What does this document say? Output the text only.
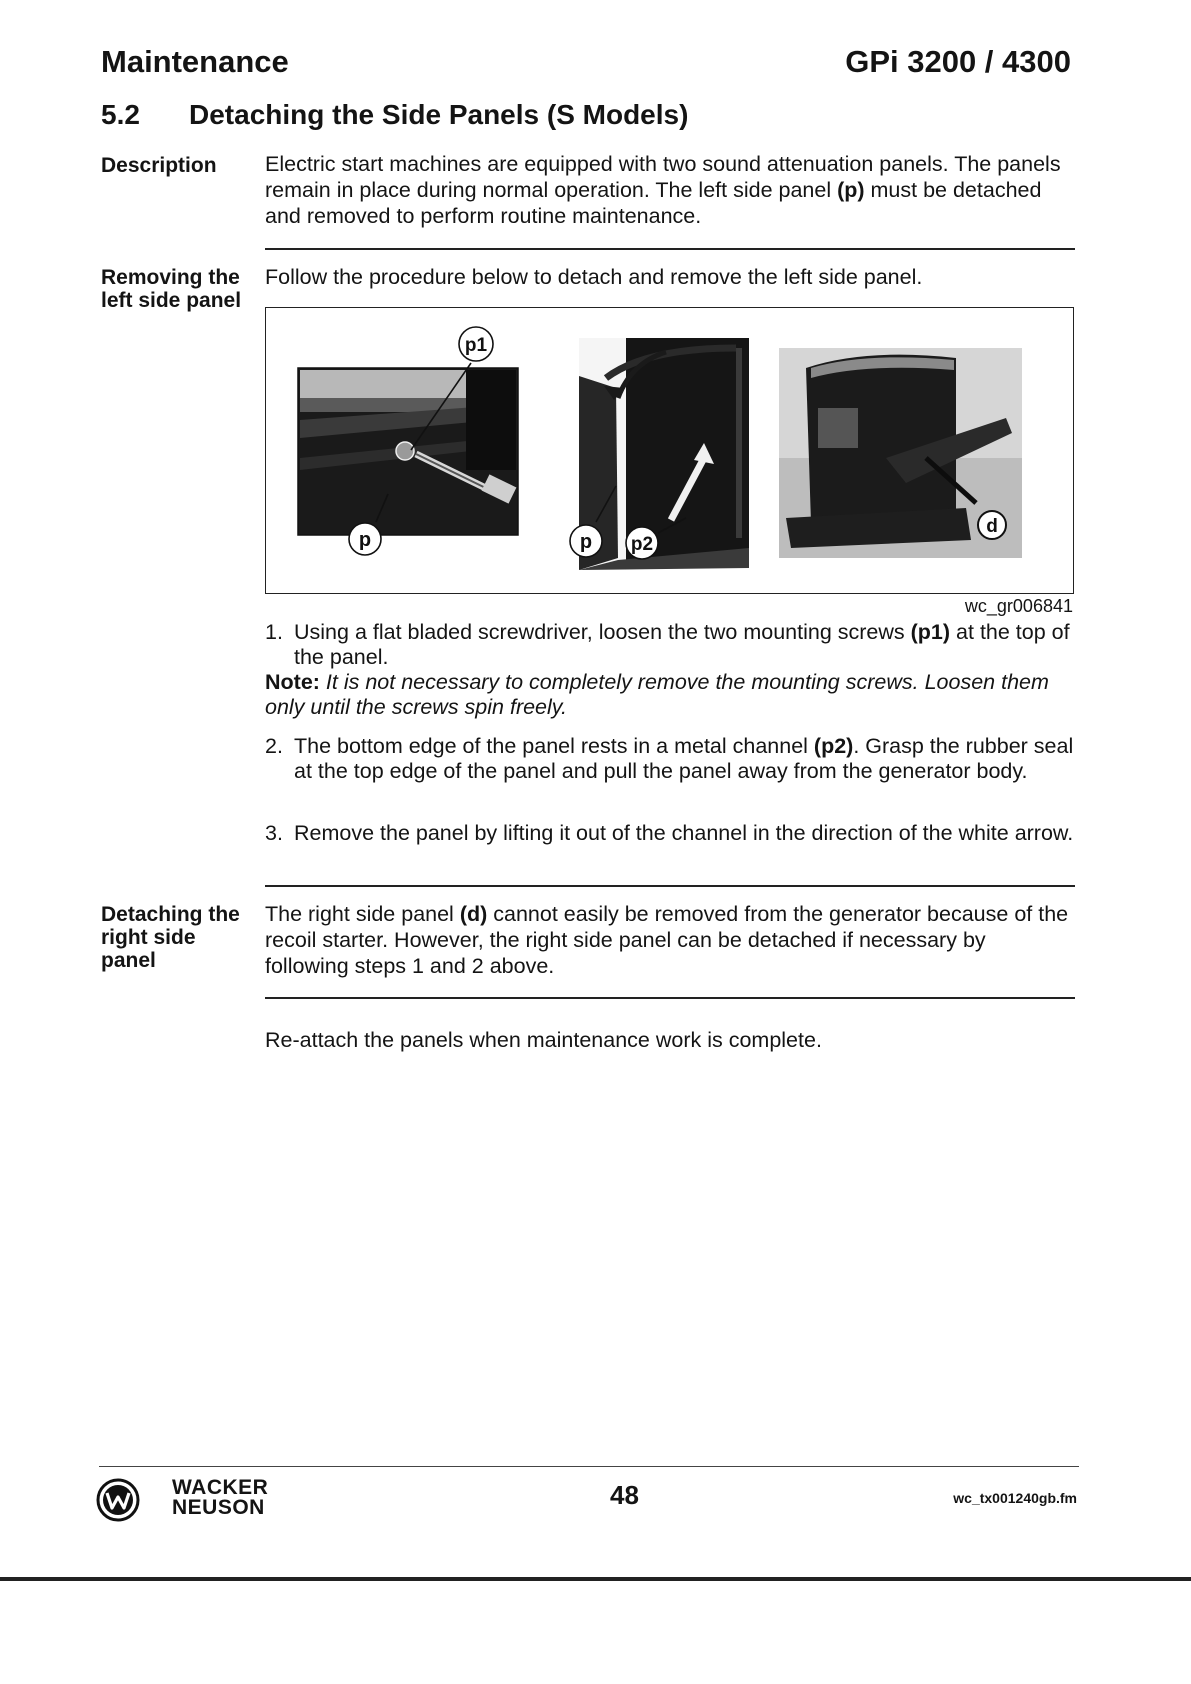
Maintenance	GPi 3200 / 4300
5.2 Detaching the Side Panels (S Models)
Description	Electric start machines are equipped with two sound attenuation panels. The panels remain in place during normal operation. The left side panel (p) must be detached and removed to perform routine maintenance.
Removing the left side panel
Follow the procedure below to detach and remove the left side panel.
p1
p	p p2
d
wc_gr006841
1. Using a flat bladed screwdriver, loosen the two mounting screws (p1) at the top of the panel.
Note: It is not necessary to completely remove the mounting screws. Loosen them only until the screws spin freely.
2. The bottom edge of the panel rests in a metal channel (p2). Grasp the rubber seal at the top edge of the panel and pull the panel away from the generator body.
3. Remove the panel by lifting it out of the channel in the direction of the white arrow.
Detaching the right side panel
The right side panel (d) cannot easily be removed from the generator because of the recoil starter. However, the right side panel can be detached if necessary by following steps 1 and 2 above.
Re-attach the panels when maintenance work is complete.
WACKER
NEUSON	48	wc_tx001240gb.fm
